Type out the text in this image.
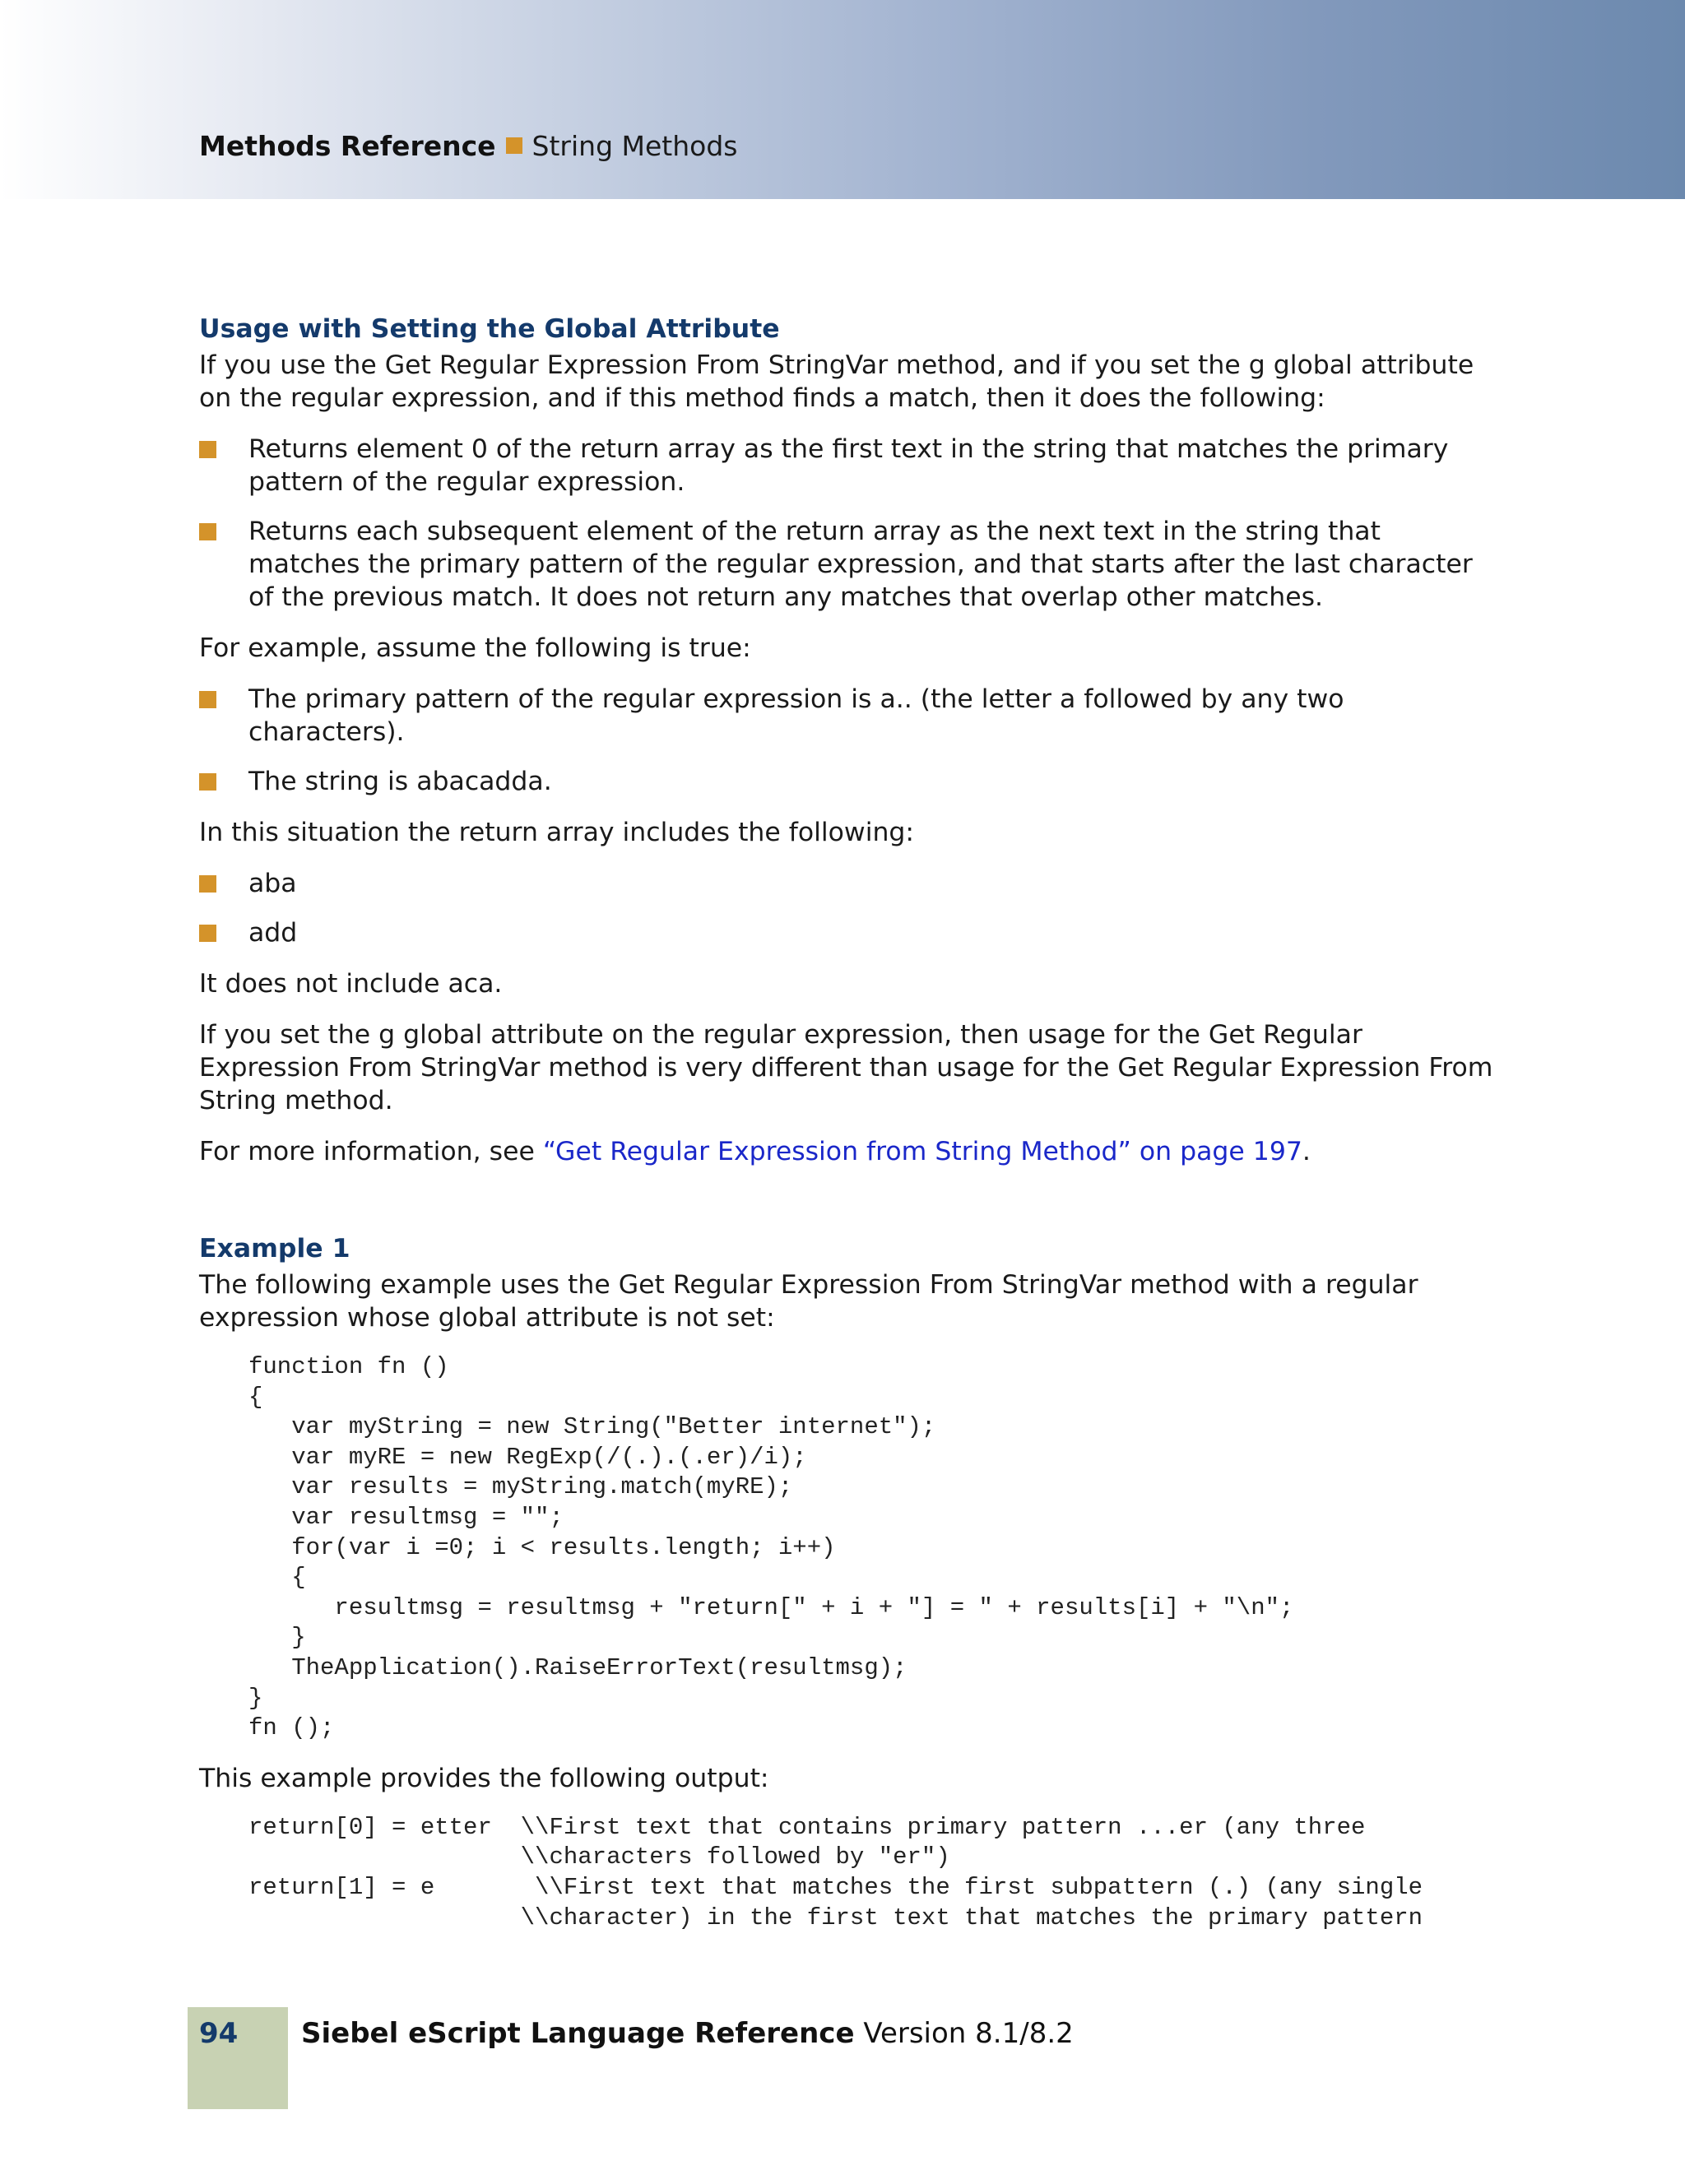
Methods Reference String Methods
Usage with Setting the Global Attribute

If you use the Get Regular Expression From StringVar method, and if you set the g global attribute on the regular expression, and if this method finds a match, then it does the following:

Returns element 0 of the return array as the first text in the string that matches the primary pattern of the regular expression.
Returns each subsequent element of the return array as the next text in the string that matches the primary pattern of the regular expression, and that starts after the last character of the previous match. It does not return any matches that overlap other matches.

For example, assume the following is true:

The primary pattern of the regular expression is a.. (the letter a followed by any two characters).
The string is abacadda.

In this situation the return array includes the following:

aba
add

It does not include aca.

If you set the g global attribute on the regular expression, then usage for the Get Regular Expression From StringVar method is very different than usage for the Get Regular Expression From String method.

For more information, see “Get Regular Expression from String Method” on page 197.

Example 1

The following example uses the Get Regular Expression From StringVar method with a regular expression whose global attribute is not set:

function fn ()
{
var myString = new String("Better internet");
var myRE = new RegExp(/(.).(.er)/i);
var results = myString.match(myRE);
var resultmsg = "";
for(var i =0; i < results.length; i++)
{
resultmsg = resultmsg + "return[" + i + "] = " + results[i] + "\n";
}
TheApplication().RaiseErrorText(resultmsg);
}
fn ();

This example provides the following output:

return[0] = etter  \\First text that contains primary pattern ...er (any three
\\characters followed by "er")
return[1] = e       \\First text that matches the first subpattern (.) (any single
\\character) in the first text that matches the primary pattern
94 Siebel eScript Language Reference Version 8.1/8.2
